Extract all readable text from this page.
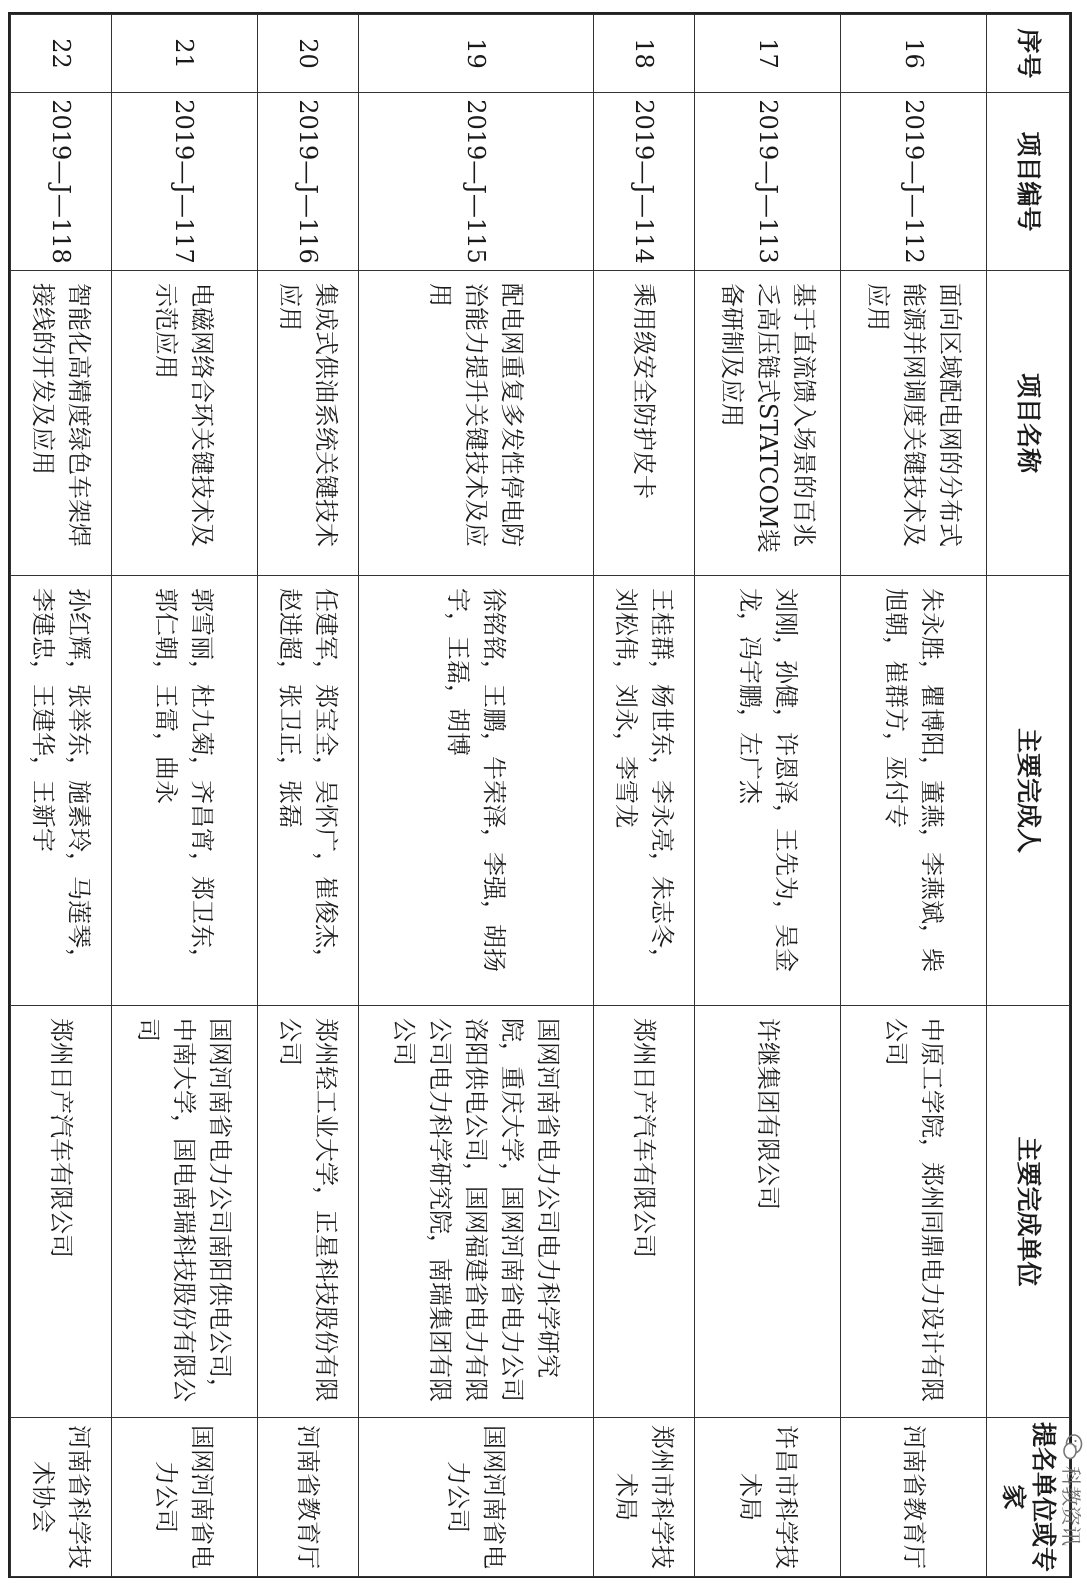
序号	项目编号	项目名称	主要完成人	主要完成单位	提名单位或专家
16	2019—J—112	面向区域配电网的分布式能源并网调度关键技术及应用	朱永胜，瞿博阳，董燕，李燕斌，柴旭朝，崔群方，巫付专	中原工学院，郑州同鼎电力设计有限公司	河南省教育厅
17	2019—J—113	基于直流馈入场景的百兆乏高压链式STATCOM装备研制及应用	刘刚，孙健，许恩泽，王先为，吴金龙，冯宇鹏，左广杰	许继集团有限公司	许昌市科学技术局
18	2019—J—114	乘用级安全防护皮卡	王桂群，杨世东，李永亮，朱志冬，刘松伟，刘永，李雪龙	郑州日产汽车有限公司	郑州市科学技术局
19	2019—J—115	配电网重复多发性停电防治能力提升关键技术及应用	徐铭铭，王鹏，牛荣泽，李强，胡扬宇，王磊，胡博	国网河南省电力公司电力科学研究院，重庆大学，国网河南省电力公司洛阳供电公司，国网福建省电力有限公司电力科学研究院，南瑞集团有限公司	国网河南省电力公司
20	2019—J—116	集成式供油系统关键技术应用	任建军，郑宝全，吴怀广，崔俊杰，赵进超，张卫正，张磊	郑州轻工业大学，正星科技股份有限公司	河南省教育厅
21	2019—J—117	电磁网络合环关键技术及示范应用	郭雪丽，杜九菊，齐昌宵，郑卫东，郭仁朝，王雷，曲永	国网河南省电力公司南阳供电公司，中南大学，国电南瑞科技股份有限公司	国网河南省电力公司
22	2019—J—118	智能化高精度绿色车架焊接线的开发及应用	孙红辉，张举东，施素玲，马莲琴，李建忠，王建华，王新宇	郑州日产汽车有限公司	河南省科学技术协会	科教资讯
